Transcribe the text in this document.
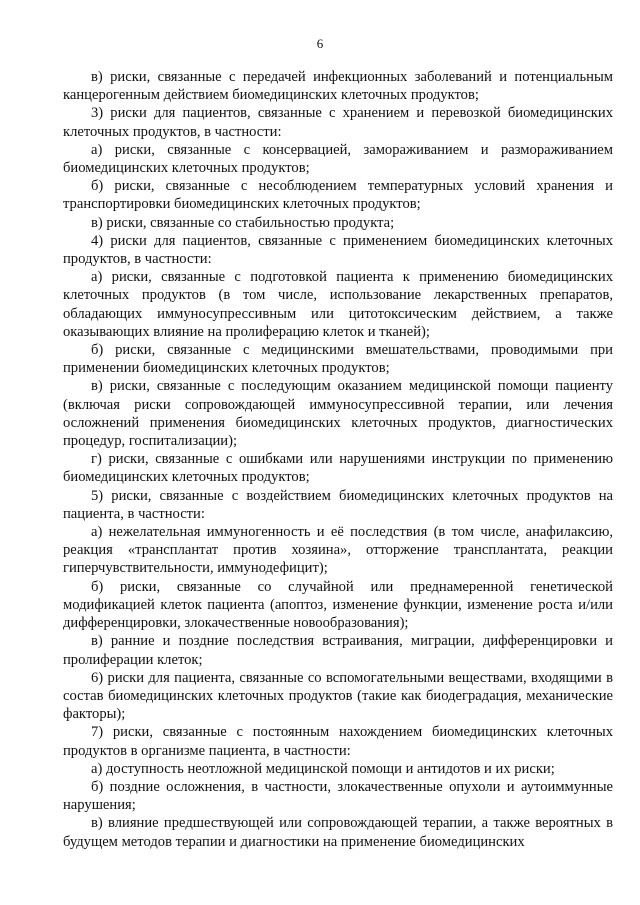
6

в) риски, связанные с передачей инфекционных заболеваний и потенциальным канцерогенным действием биомедицинских клеточных продуктов;

3) риски для пациентов, связанные с хранением и перевозкой биомедицинских клеточных продуктов, в частности:

а) риски, связанные с консервацией, замораживанием и размораживанием биомедицинских клеточных продуктов;

б) риски, связанные с несоблюдением температурных условий хранения и транспортировки биомедицинских клеточных продуктов;

в) риски, связанные со стабильностью продукта;

4) риски для пациентов, связанные с применением биомедицинских клеточных продуктов, в частности:

а) риски, связанные с подготовкой пациента к применению биомедицинских клеточных продуктов (в том числе, использование лекарственных препаратов, обладающих иммуносупрессивным или цитотоксическим действием, а также оказывающих влияние на пролиферацию клеток и тканей);

б) риски, связанные с медицинскими вмешательствами, проводимыми при применении биомедицинских клеточных продуктов;

в) риски, связанные с последующим оказанием медицинской помощи пациенту (включая риски сопровождающей иммуносупрессивной терапии, или лечения осложнений применения биомедицинских клеточных продуктов, диагностических процедур, госпитализации);

г) риски, связанные с ошибками или нарушениями инструкции по применению биомедицинских клеточных продуктов;

5) риски, связанные с воздействием биомедицинских клеточных продуктов на пациента, в частности:

а) нежелательная иммуногенность и её последствия (в том числе, анафилаксию, реакция «трансплантат против хозяина», отторжение трансплантата, реакции гиперчувствительности, иммунодефицит);

б) риски, связанные со случайной или преднамеренной генетической модификацией клеток пациента (апоптоз, изменение функции, изменение роста и/или дифференцировки, злокачественные новообразования);

в) ранние и поздние последствия встраивания, миграции, дифференцировки и пролиферации клеток;

6) риски для пациента, связанные со вспомогательными веществами, входящими в состав биомедицинских клеточных продуктов (такие как биодеградация, механические факторы);

7) риски, связанные с постоянным нахождением биомедицинских клеточных продуктов в организме пациента, в частности:

а) доступность неотложной медицинской помощи и антидотов и их риски;

б) поздние осложнения, в частности, злокачественные опухоли и аутоиммунные нарушения;

в) влияние предшествующей или сопровождающей терапии, а также вероятных в будущем методов терапии и диагностики на применение биомедицинских
